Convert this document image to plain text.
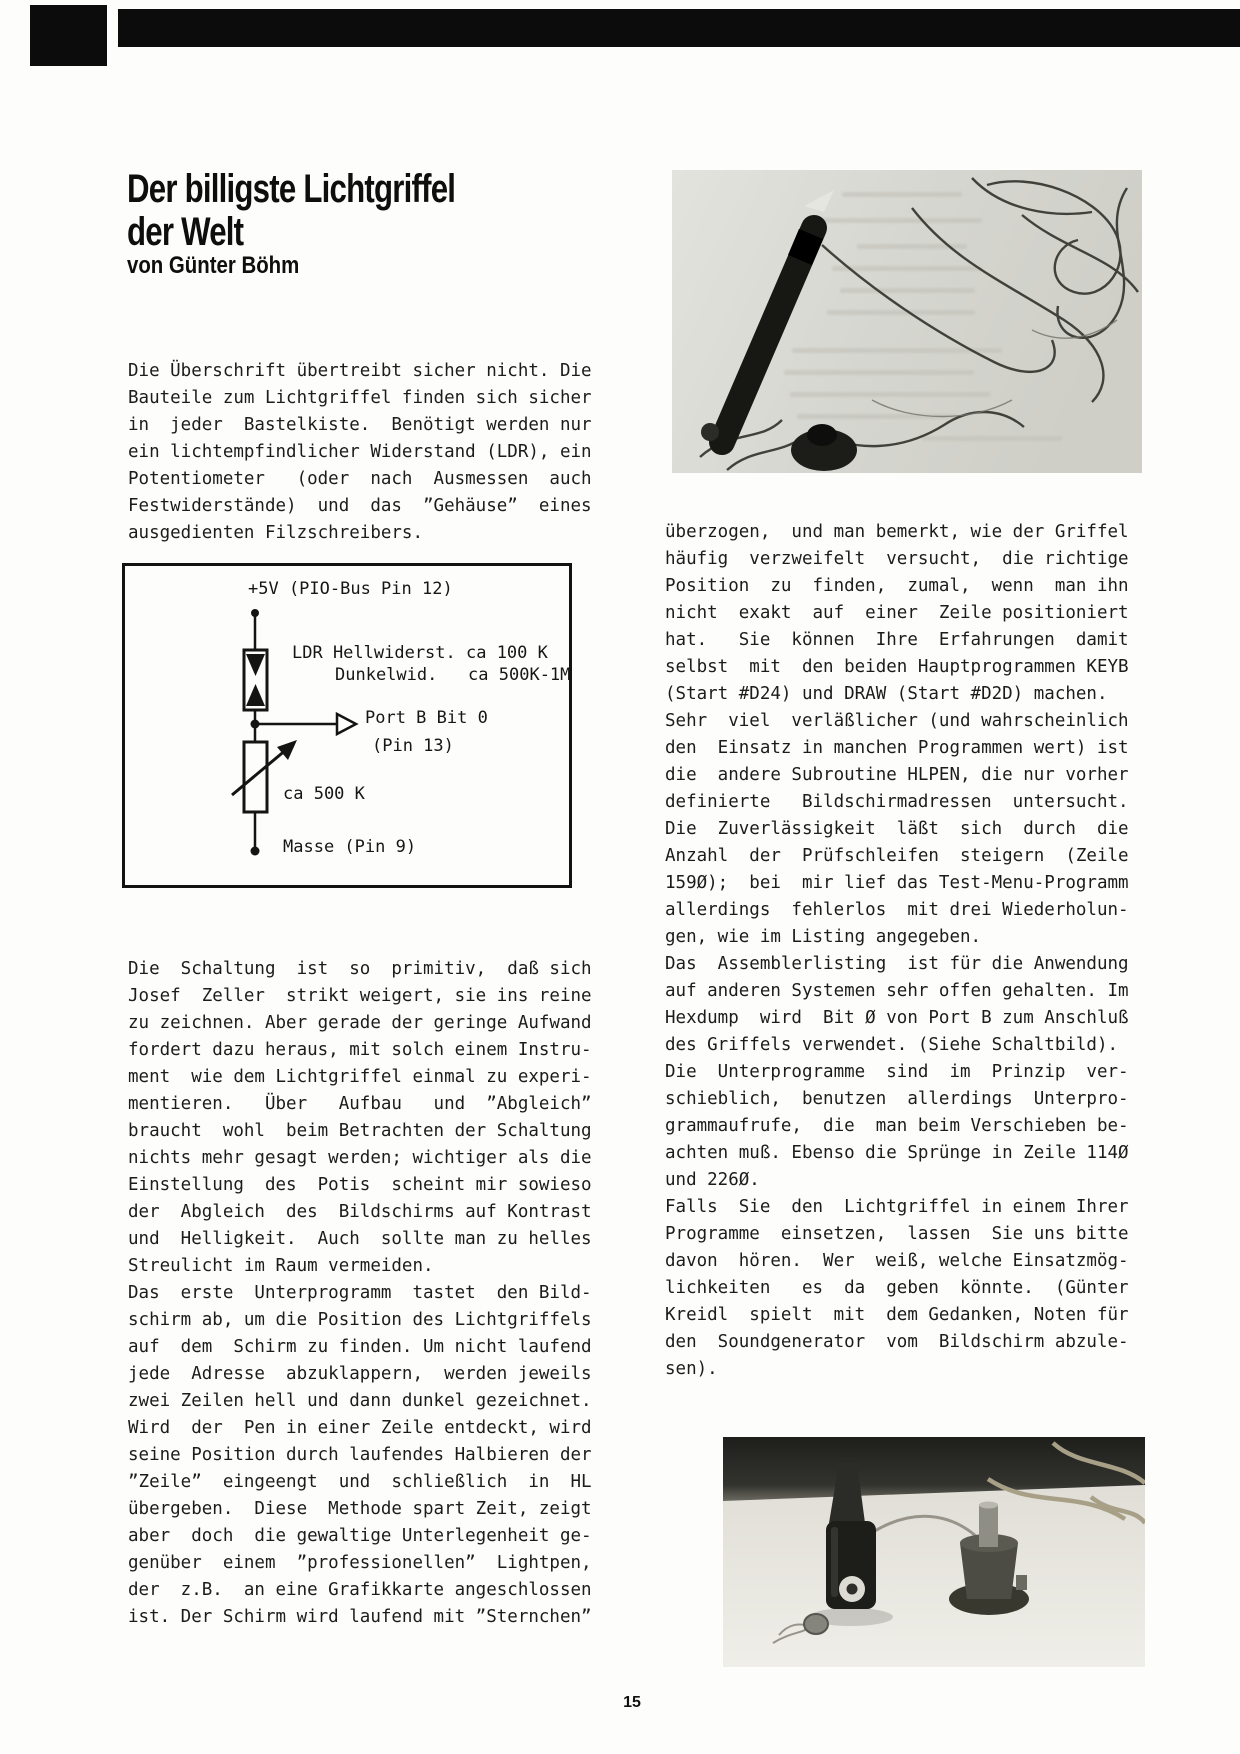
Der billigste Lichtgriffel
der Welt
von Günter Böhm
Die Überschrift übertreibt sicher nicht. Die
Bauteile zum Lichtgriffel finden sich sicher
in  jeder  Bastelkiste.  Benötigt werden nur
ein lichtempfindlicher Widerstand (LDR), ein
Potentiometer   (oder  nach  Ausmessen  auch
Festwiderstände)  und  das  ”Gehäuse”  eines
ausgedienten Filzschreibers.
+5V (PIO-Bus Pin 12)
LDR Hellwiderst. ca 100 K
Dunkelwid.   ca 500K-1M
Port B Bit 0
(Pin 13)
ca 500 K
Masse (Pin 9)
Die  Schaltung  ist  so  primitiv,  daß sich
Josef  Zeller  strikt weigert, sie ins reine
zu zeichnen. Aber gerade der geringe Aufwand
fordert dazu heraus, mit solch einem Instru-
ment  wie dem Lichtgriffel einmal zu experi-
mentieren.   Über   Aufbau   und  ”Abgleich”
braucht  wohl  beim Betrachten der Schaltung
nichts mehr gesagt werden; wichtiger als die
Einstellung  des  Potis  scheint mir sowieso
der  Abgleich  des  Bildschirms auf Kontrast
und  Helligkeit.  Auch  sollte man zu helles
Streulicht im Raum vermeiden.
Das  erste  Unterprogramm  tastet  den Bild-
schirm ab, um die Position des Lichtgriffels
auf  dem  Schirm zu finden. Um nicht laufend
jede  Adresse  abzuklappern,  werden jeweils
zwei Zeilen hell und dann dunkel gezeichnet.
Wird  der  Pen in einer Zeile entdeckt, wird
seine Position durch laufendes Halbieren der
”Zeile”  eingeengt  und  schließlich  in  HL
übergeben.  Diese  Methode spart Zeit, zeigt
aber  doch  die gewaltige Unterlegenheit ge-
genüber  einem  ”professionellen”  Lightpen,
der  z.B.  an eine Grafikkarte angeschlossen
ist. Der Schirm wird laufend mit ”Sternchen”
überzogen,  und man bemerkt, wie der Griffel
häufig  verzweifelt  versucht,  die richtige
Position  zu  finden,  zumal,  wenn  man ihn
nicht  exakt  auf  einer  Zeile positioniert
hat.   Sie  können  Ihre  Erfahrungen  damit
selbst  mit  den beiden Hauptprogrammen KEYB
(Start #D24) und DRAW (Start #D2D) machen.
Sehr  viel  verläßlicher (und wahrscheinlich
den  Einsatz in manchen Programmen wert) ist
die  andere Subroutine HLPEN, die nur vorher
definierte   Bildschirmadressen  untersucht.
Die  Zuverlässigkeit  läßt  sich  durch  die
Anzahl  der  Prüfschleifen  steigern  (Zeile
159Ø);  bei  mir lief das Test-Menu-Programm
allerdings  fehlerlos  mit drei Wiederholun-
gen, wie im Listing angegeben.
Das  Assemblerlisting  ist für die Anwendung
auf anderen Systemen sehr offen gehalten. Im
Hexdump  wird  Bit Ø von Port B zum Anschluß
des Griffels verwendet. (Siehe Schaltbild).
Die  Unterprogramme  sind  im  Prinzip  ver-
schieblich,  benutzen  allerdings  Unterpro-
grammaufrufe,  die  man beim Verschieben be-
achten muß. Ebenso die Sprünge in Zeile 114Ø
und 226Ø.
Falls  Sie  den  Lichtgriffel in einem Ihrer
Programme  einsetzen,  lassen  Sie uns bitte
davon  hören.  Wer  weiß, welche Einsatzmög-
lichkeiten   es  da  geben  könnte.  (Günter
Kreidl  spielt  mit  dem Gedanken, Noten für
den  Soundgenerator  vom  Bildschirm abzule-
sen).
15
